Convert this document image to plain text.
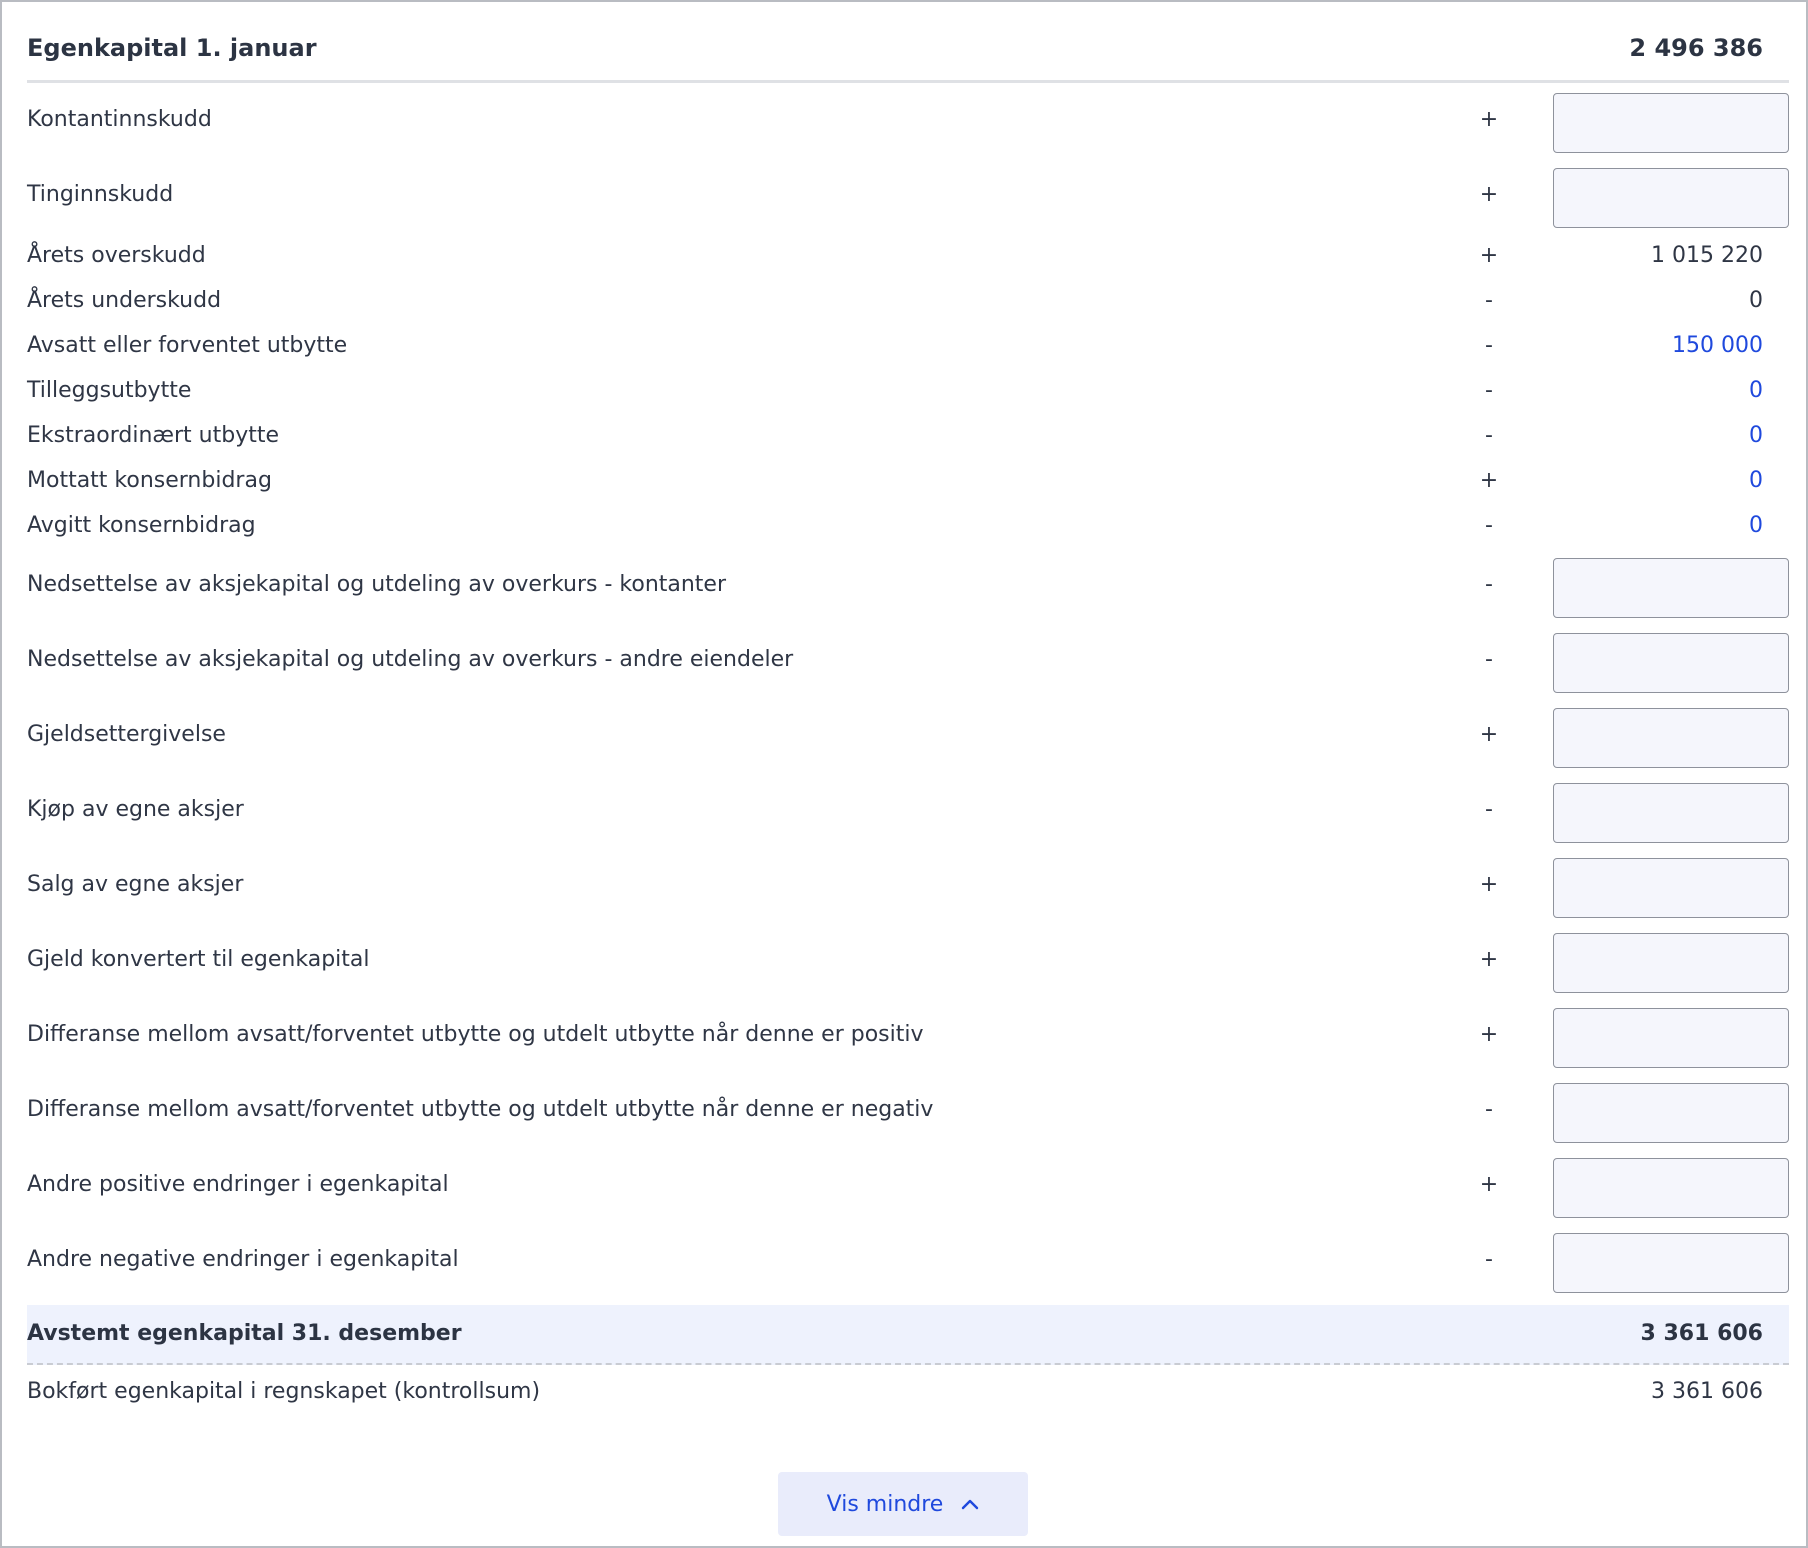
Egenkapital 1. januar	2 496 386
Kontantinnskudd	+
Tinginnskudd	+
Årets overskudd	+	1 015 220
Årets underskudd	-	0
Avsatt eller forventet utbytte	-	150 000
Tilleggsutbytte	-	0
Ekstraordinært utbytte	-	0
Mottatt konsernbidrag	+	0
Avgitt konsernbidrag	-	0
Nedsettelse av aksjekapital og utdeling av overkurs - kontanter	-
Nedsettelse av aksjekapital og utdeling av overkurs - andre eiendeler	-
Gjeldsettergivelse	+
Kjøp av egne aksjer	-
Salg av egne aksjer	+
Gjeld konvertert til egenkapital	+
Differanse mellom avsatt/forventet utbytte og utdelt utbytte når denne er positiv	+
Differanse mellom avsatt/forventet utbytte og utdelt utbytte når denne er negativ	-
Andre positive endringer i egenkapital	+
Andre negative endringer i egenkapital	-
Avstemt egenkapital 31. desember	3 361 606
Bokført egenkapital i regnskapet (kontrollsum)	3 361 606
Vis mindre
